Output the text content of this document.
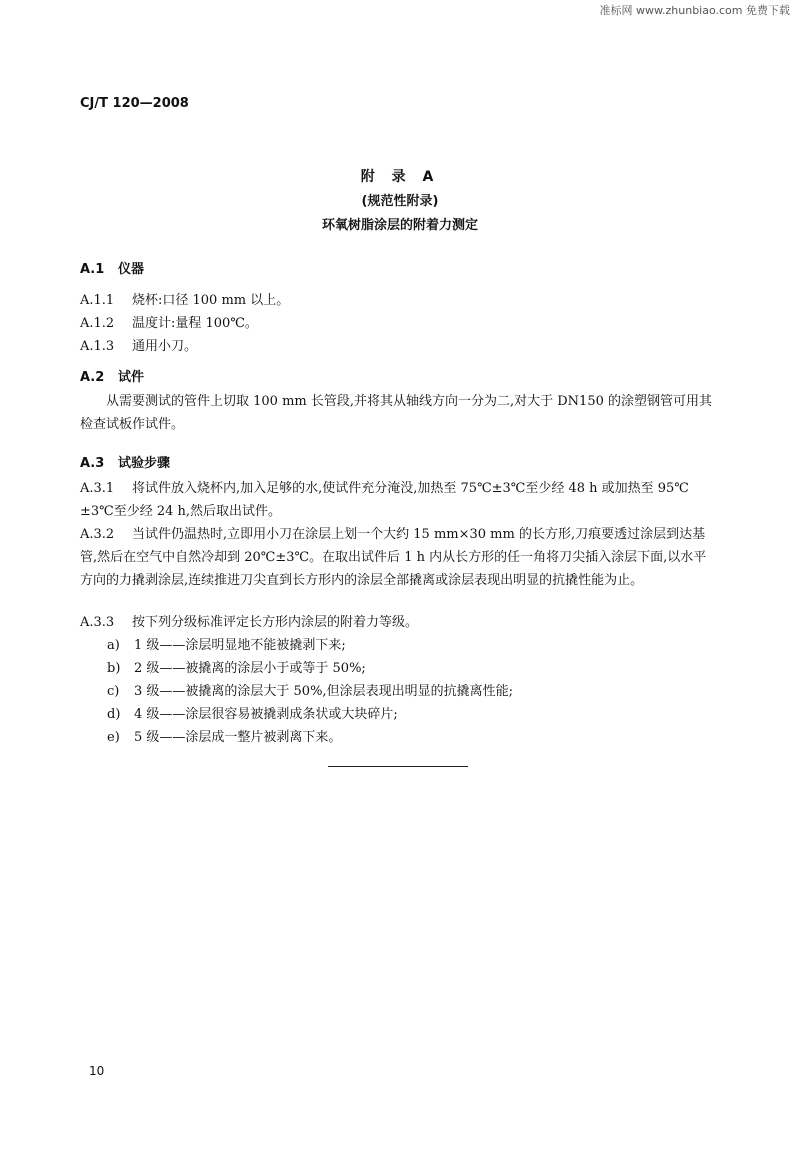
准标网 www.zhunbiao.com 免费下载
CJ/T 120—2008
附 录 A
(规范性附录)
环氧树脂涂层的附着力测定
A.1 仪器
A.1.1 烧杯:口径 100 mm 以上。
A.1.2 温度计:量程 100℃。
A.1.3 通用小刀。
A.2 试件
从需要测试的管件上切取 100 mm 长管段,并将其从轴线方向一分为二,对大于 DN150 的涂塑钢管可用其检查试板作试件。
A.3 试验步骤
A.3.1 将试件放入烧杯内,加入足够的水,使试件充分淹没,加热至 75℃±3℃至少经 48 h 或加热至 95℃±3℃至少经 24 h,然后取出试件。
A.3.2 当试件仍温热时,立即用小刀在涂层上划一个大约 15 mm×30 mm 的长方形,刀痕要透过涂层到达基管,然后在空气中自然冷却到 20℃±3℃。在取出试件后 1 h 内从长方形的任一角将刀尖插入涂层下面,以水平方向的力撬剥涂层,连续推进刀尖直到长方形内的涂层全部撬离或涂层表现出明显的抗撬性能为止。
A.3.3 按下列分级标准评定长方形内涂层的附着力等级。
a) 1 级——涂层明显地不能被撬剥下来;
b) 2 级——被撬离的涂层小于或等于 50%;
c) 3 级——被撬离的涂层大于 50%,但涂层表现出明显的抗撬离性能;
d) 4 级——涂层很容易被撬剥成条状或大块碎片;
e) 5 级——涂层成一整片被剥离下来。
10
